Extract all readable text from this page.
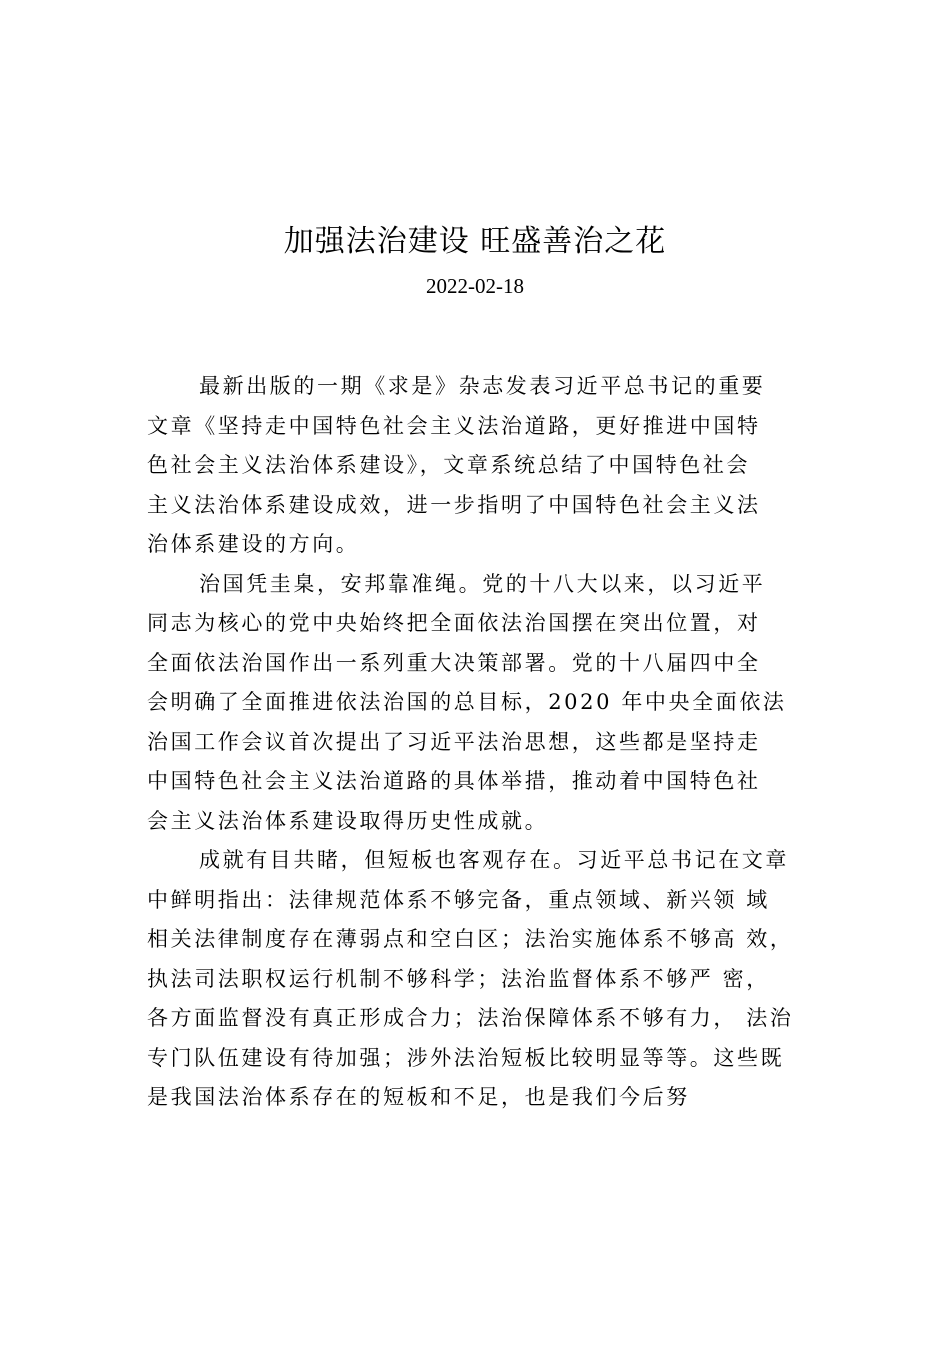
加强法治建设 旺盛善治之花
2022-02-18
最新出版的一期《求是》杂志发表习近平总书记的重要
文章《坚持走中国特色社会主义法治道路，更好推进中国特
色社会主义法治体系建设》，文章系统总结了中国特色社会
主义法治体系建设成效，进一步指明了中国特色社会主义法
治体系建设的方向。
治国凭圭臬，安邦靠准绳。党的十八大以来，以习近平
同志为核心的党中央始终把全面依法治国摆在突出位置，对
全面依法治国作出一系列重大决策部署。党的十八届四中全
会明确了全面推进依法治国的总目标，2020 年中央全面依法
治国工作会议首次提出了习近平法治思想，这些都是坚持走
中国特色社会主义法治道路的具体举措，推动着中国特色社
会主义法治体系建设取得历史性成就。
成就有目共睹，但短板也客观存在。习近平总书记在文章
中鲜明指出：法律规范体系不够完备，重点领域、新兴领 域
相关法律制度存在薄弱点和空白区；法治实施体系不够高 效，
执法司法职权运行机制不够科学；法治监督体系不够严 密，
各方面监督没有真正形成合力；法治保障体系不够有力， 法治
专门队伍建设有待加强；涉外法治短板比较明显等等。这些既
是我国法治体系存在的短板和不足，也是我们今后努
